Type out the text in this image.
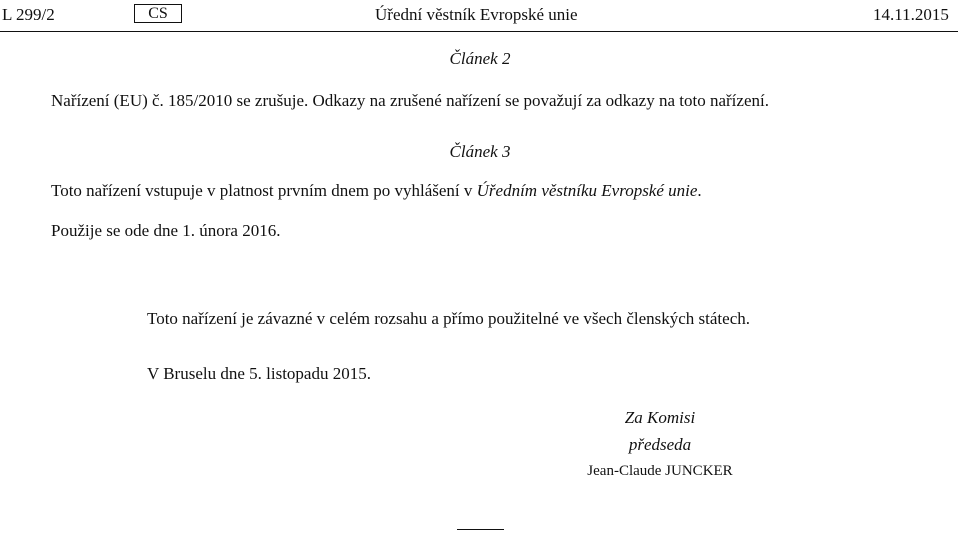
L 299/2	CS	Úřední věstník Evropské unie	14.11.2015
Článek 2
Nařízení (EU) č. 185/2010 se zrušuje. Odkazy na zrušené nařízení se považují za odkazy na toto nařízení.
Článek 3
Toto nařízení vstupuje v platnost prvním dnem po vyhlášení v Úředním věstníku Evropské unie.
Použije se ode dne 1. února 2016.
Toto nařízení je závazné v celém rozsahu a přímo použitelné ve všech členských státech.
V Bruselu dne 5. listopadu 2015.
Za Komisi
předseda
Jean-Claude JUNCKER
